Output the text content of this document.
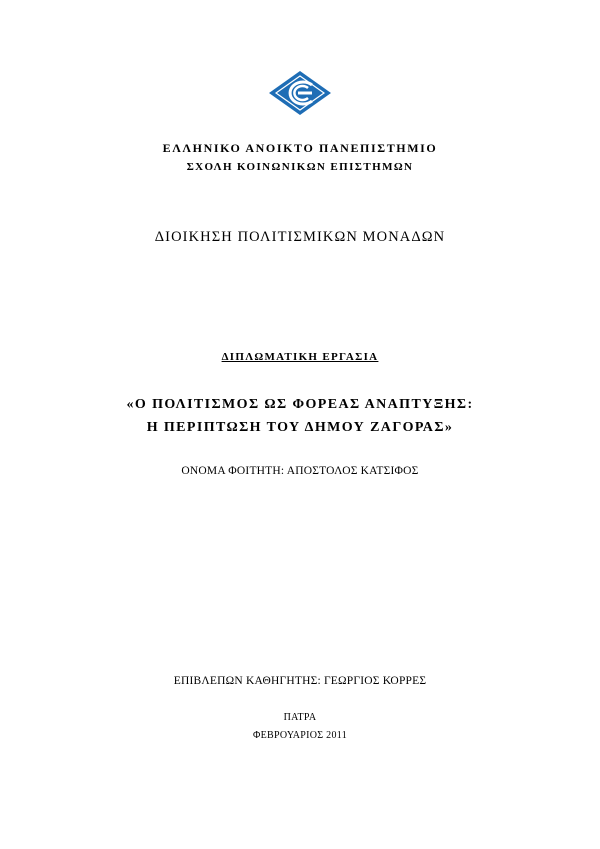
ΕΛΛΗΝΙΚΟ ΑΝΟΙΚΤΟ ΠΑΝΕΠΙΣΤΗΜΙΟ
ΣΧΟΛΗ ΚΟΙΝΩΝΙΚΩΝ ΕΠΙΣΤΗΜΩΝ
ΔΙΟΙΚΗΣΗ ΠΟΛΙΤΙΣΜΙΚΩΝ ΜΟΝΑΔΩΝ
ΔΙΠΛΩΜΑΤΙΚΗ ΕΡΓΑΣΙΑ
«Ο ΠΟΛΙΤΙΣΜΟΣ ΩΣ ΦΟΡΕΑΣ ΑΝΑΠΤΥΞΗΣ:
Η ΠΕΡΙΠΤΩΣΗ ΤΟΥ ΔΗΜΟΥ ΖΑΓΟΡΑΣ»
ΟΝΟΜΑ ΦΟΙΤΗΤΗ: ΑΠΟΣΤΟΛΟΣ ΚΑΤΣΙΦΟΣ
ΕΠΙΒΛΕΠΩΝ ΚΑΘΗΓΗΤΗΣ: ΓΕΩΡΓΙΟΣ ΚΟΡΡΕΣ
ΠΑΤΡΑ
ΦΕΒΡΟΥΑΡΙΟΣ 2011
